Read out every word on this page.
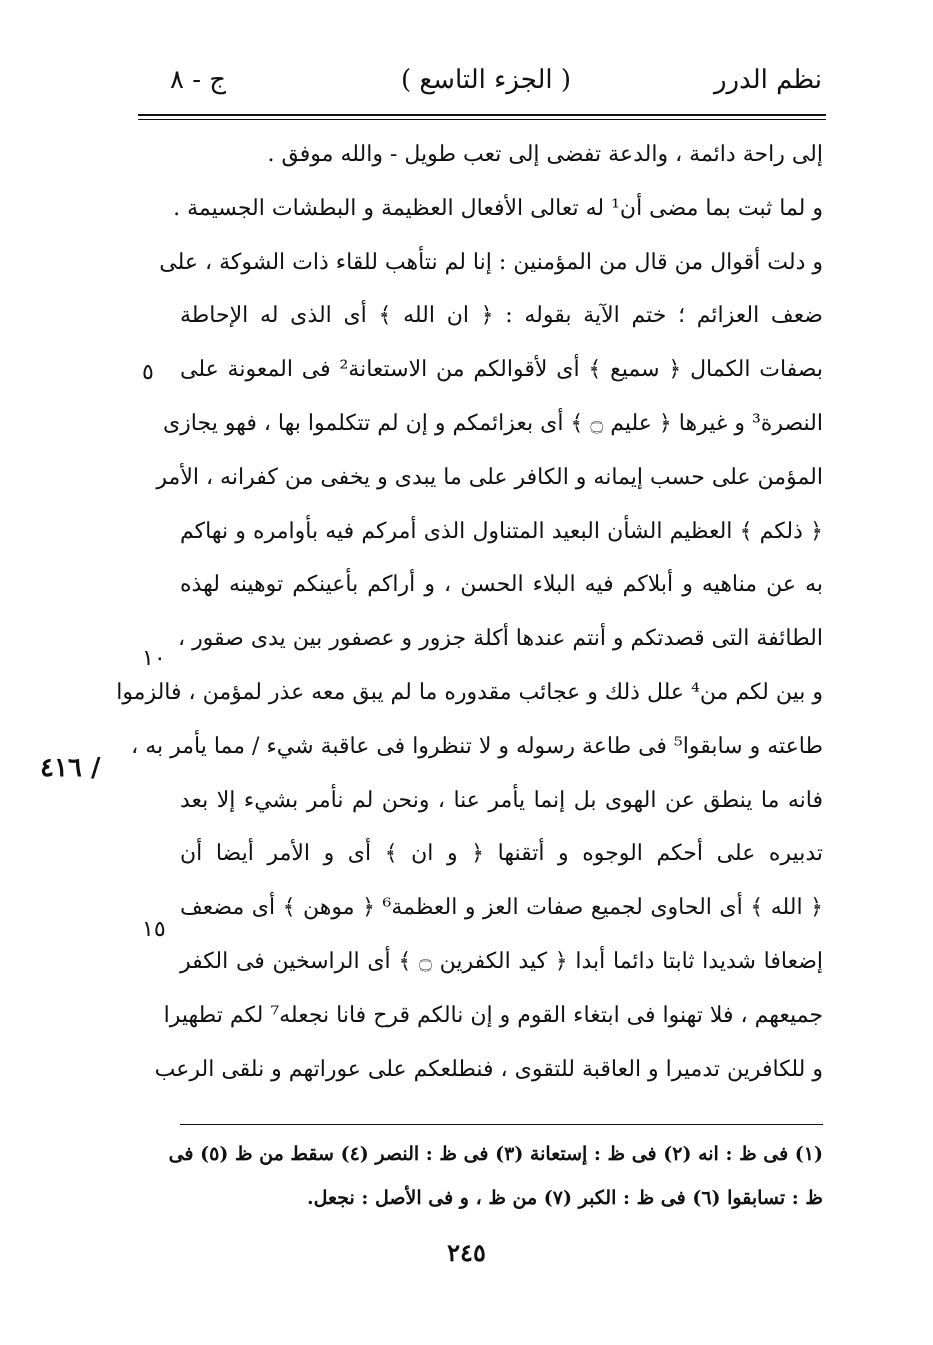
نظم الدرر
( الجزء التاسع )
ج - ٨
إلى راحة دائمة ، والدعة تفضى إلى تعب طويل - والله موفق .
و لما ثبت بما مضى أن¹ له تعالى الأفعال العظيمة و البطشات الجسيمة .
و دلت أقوال من قال من المؤمنين : إنا لم نتأهب للقاء ذات الشوكة ، على
ضعف العزائم ؛ ختم الآية بقوله : ﴿ ان الله ﴾ أى الذى له الإحاطة
بصفات الكمال ﴿ سميع ﴾ أى لأقوالكم من الاستعانة² فى المعونة على
النصرة³ و غيرها ﴿ عليم ۝ ﴾ أى بعزائمكم و إن لم تتكلموا بها ، فهو يجازى
المؤمن على حسب إيمانه و الكافر على ما يبدى و يخفى من كفرانه ، الأمر
﴿ ذلكم ﴾ العظيم الشأن البعيد المتناول الذى أمركم فيه بأوامره و نهاكم
به عن مناهيه و أبلاكم فيه البلاء الحسن ، و أراكم بأعينكم توهينه لهذه
الطائفة التى قصدتكم و أنتم عندها أكلة جزور و عصفور بين يدى صقور ،
و بين لكم من⁴ علل ذلك و عجائب مقدوره ما لم يبق معه عذر لمؤمن ، فالزموا
طاعته و سابقوا⁵ فى طاعة رسوله و لا تنظروا فى عاقبة شيء / مما يأمر به ،
فانه ما ينطق عن الهوى بل إنما يأمر عنا ، ونحن لم نأمر بشيء إلا بعد
تدبيره على أحكم الوجوه و أتقنها ﴿ و ان ﴾ أى و الأمر أيضا أن
﴿ الله ﴾ أى الحاوى لجميع صفات العز و العظمة⁶ ﴿ موهن ﴾ أى مضعف
إضعافا شديدا ثابتا دائما أبدا ﴿ كيد الكفرين ۝ ﴾ أى الراسخين فى الكفر
جميعهم ، فلا تهنوا فى ابتغاء القوم و إن نالكم قرح فانا نجعله⁷ لكم تطهيرا
و للكافرين تدميرا و العاقبة للتقوى ، فنطلعكم على عوراتهم و نلقى الرعب
٥
١٠
١٥
٤١٦ /
(١) فى ظ : انه (٢) فى ظ : إستعانة (٣) فى ظ : النصر (٤) سقط من ظ (٥) فى
ظ : تسابقوا (٦) فى ظ : الكبر (٧) من ظ ، و فى الأصل : نجعل.
٢٤٥
